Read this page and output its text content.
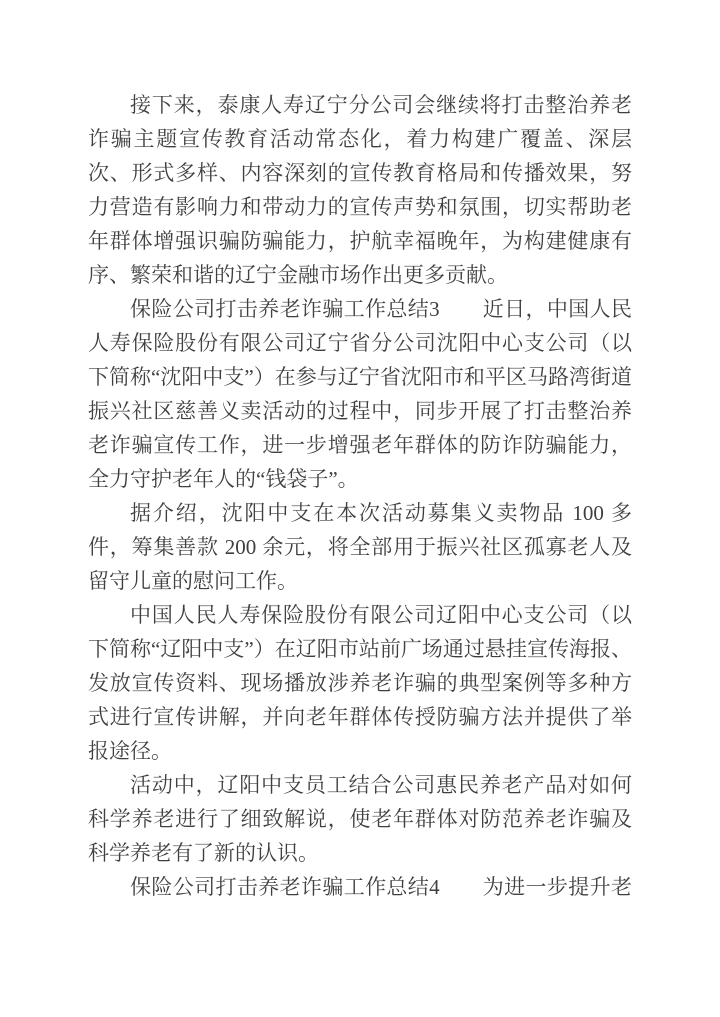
接下来，泰康人寿辽宁分公司会继续将打击整治养老诈骗主题宣传教育活动常态化，着力构建广覆盖、深层次、形式多样、内容深刻的宣传教育格局和传播效果，努力营造有影响力和带动力的宣传声势和氛围，切实帮助老年群体增强识骗防骗能力，护航幸福晚年，为构建健康有序、繁荣和谐的辽宁金融市场作出更多贡献。

保险公司打击养老诈骗工作总结3　　近日，中国人民人寿保险股份有限公司辽宁省分公司沈阳中心支公司（以下简称“沈阳中支”）在参与辽宁省沈阳市和平区马路湾街道振兴社区慈善义卖活动的过程中，同步开展了打击整治养老诈骗宣传工作，进一步增强老年群体的防诈防骗能力，全力守护老年人的“钱袋子”。

据介绍，沈阳中支在本次活动募集义卖物品 100 多件，筹集善款 200 余元，将全部用于振兴社区孤寡老人及留守儿童的慰问工作。

中国人民人寿保险股份有限公司辽阳中心支公司（以下简称“辽阳中支”）在辽阳市站前广场通过悬挂宣传海报、发放宣传资料、现场播放涉养老诈骗的典型案例等多种方式进行宣传讲解，并向老年群体传授防骗方法并提供了举报途径。

活动中，辽阳中支员工结合公司惠民养老产品对如何科学养老进行了细致解说，使老年群体对防范养老诈骗及科学养老有了新的认识。

保险公司打击养老诈骗工作总结4　　为进一步提升老
